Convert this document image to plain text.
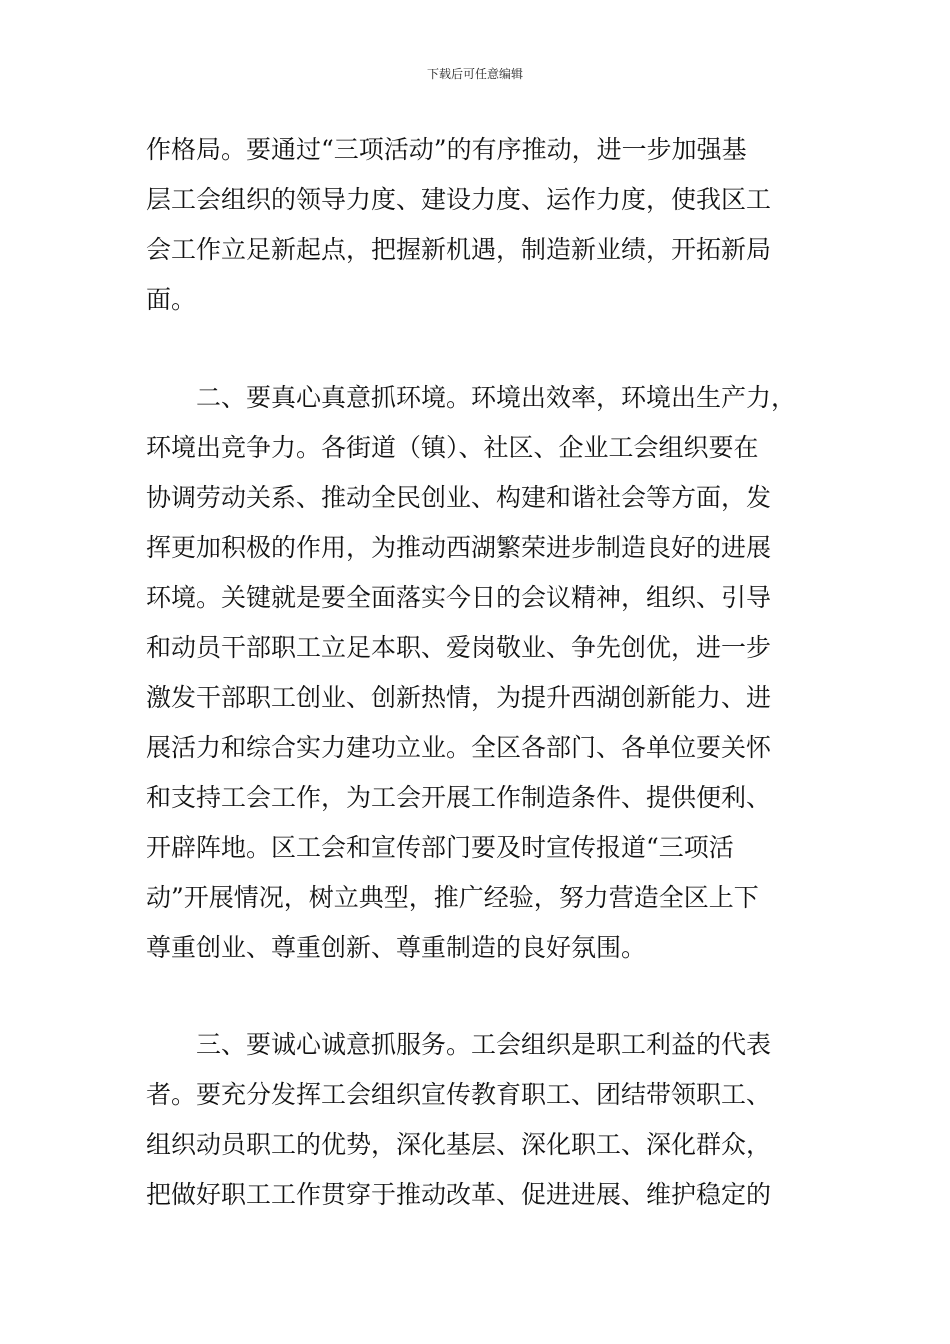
下载后可任意编辑
作格局。要通过“三项活动”的有序推动，进一步加强基
层工会组织的领导力度、建设力度、运作力度，使我区工
会工作立足新起点，把握新机遇，制造新业绩，开拓新局
面。
二、要真心真意抓环境。环境出效率，环境出生产力，
环境出竞争力。各街道（镇）、社区、企业工会组织要在
协调劳动关系、推动全民创业、构建和谐社会等方面，发
挥更加积极的作用，为推动西湖繁荣进步制造良好的进展
环境。关键就是要全面落实今日的会议精神，组织、引导
和动员干部职工立足本职、爱岗敬业、争先创优，进一步
激发干部职工创业、创新热情，为提升西湖创新能力、进
展活力和综合实力建功立业。全区各部门、各单位要关怀
和支持工会工作，为工会开展工作制造条件、提供便利、
开辟阵地。区工会和宣传部门要及时宣传报道“三项活
动”开展情况，树立典型，推广经验，努力营造全区上下
尊重创业、尊重创新、尊重制造的良好氛围。
三、要诚心诚意抓服务。工会组织是职工利益的代表
者。要充分发挥工会组织宣传教育职工、团结带领职工、
组织动员职工的优势，深化基层、深化职工、深化群众，
把做好职工工作贯穿于推动改革、促进进展、维护稳定的
